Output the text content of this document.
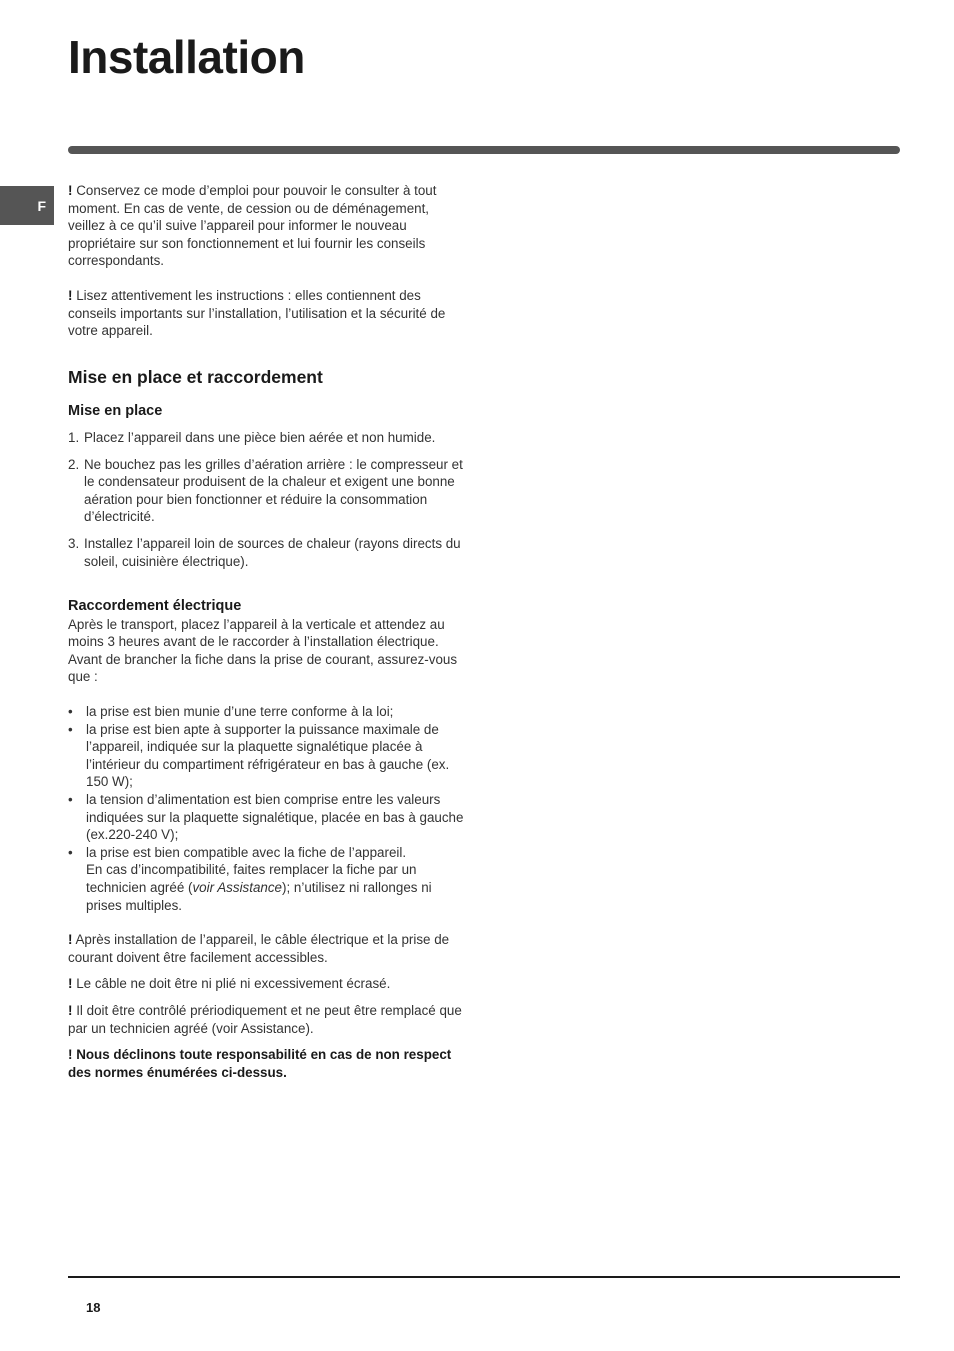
Installation
F

! Conservez ce mode d’emploi pour pouvoir le consulter à tout moment. En cas de vente, de cession ou de déménagement, veillez à ce qu’il suive l’appareil pour informer le nouveau propriétaire sur son fonctionnement et lui fournir les conseils correspondants.

! Lisez attentivement les instructions : elles contiennent des conseils importants sur l’installation, l’utilisation et la sécurité de votre appareil.

Mise en place et raccordement
Mise en place
1. Placez l’appareil dans une pièce bien aérée et non humide.
2. Ne bouchez pas les grilles d’aération arrière : le compresseur et le condensateur produisent de la chaleur et exigent une bonne aération pour bien fonctionner et réduire la consommation d’électricité.
3. Installez l’appareil loin de sources de chaleur (rayons directs du soleil, cuisinière électrique).
Raccordement électrique

Après le transport, placez l’appareil à la verticale et attendez au moins 3 heures avant de le raccorder à l’installation électrique. Avant de brancher la fiche dans la prise de courant, assurez-vous que :

• la prise est bien munie d’une terre conforme à la loi;
• la prise est bien apte à supporter la puissance maximale de l’appareil, indiquée sur la plaquette signalétique placée à l’intérieur du compartiment réfrigérateur en bas à gauche (ex. 150 W);
• la tension d’alimentation est bien comprise entre les valeurs indiquées sur la plaquette signalétique, placée en bas à gauche (ex.220-240 V);
• la prise est bien compatible avec la fiche de l’appareil.
En cas d’incompatibilité, faites remplacer la fiche par un technicien agréé (voir Assistance); n’utilisez ni rallonges ni prises multiples.

! Après installation de l’appareil, le câble électrique et la prise de courant doivent être facilement accessibles.

! Le câble ne doit être ni plié ni excessivement écrasé.

! Il doit être contrôlé prériodiquement et ne peut être remplacé que par un technicien agréé (voir Assistance).

! Nous déclinons toute responsabilité en cas de non respect des normes énumérées ci-dessus.

18
